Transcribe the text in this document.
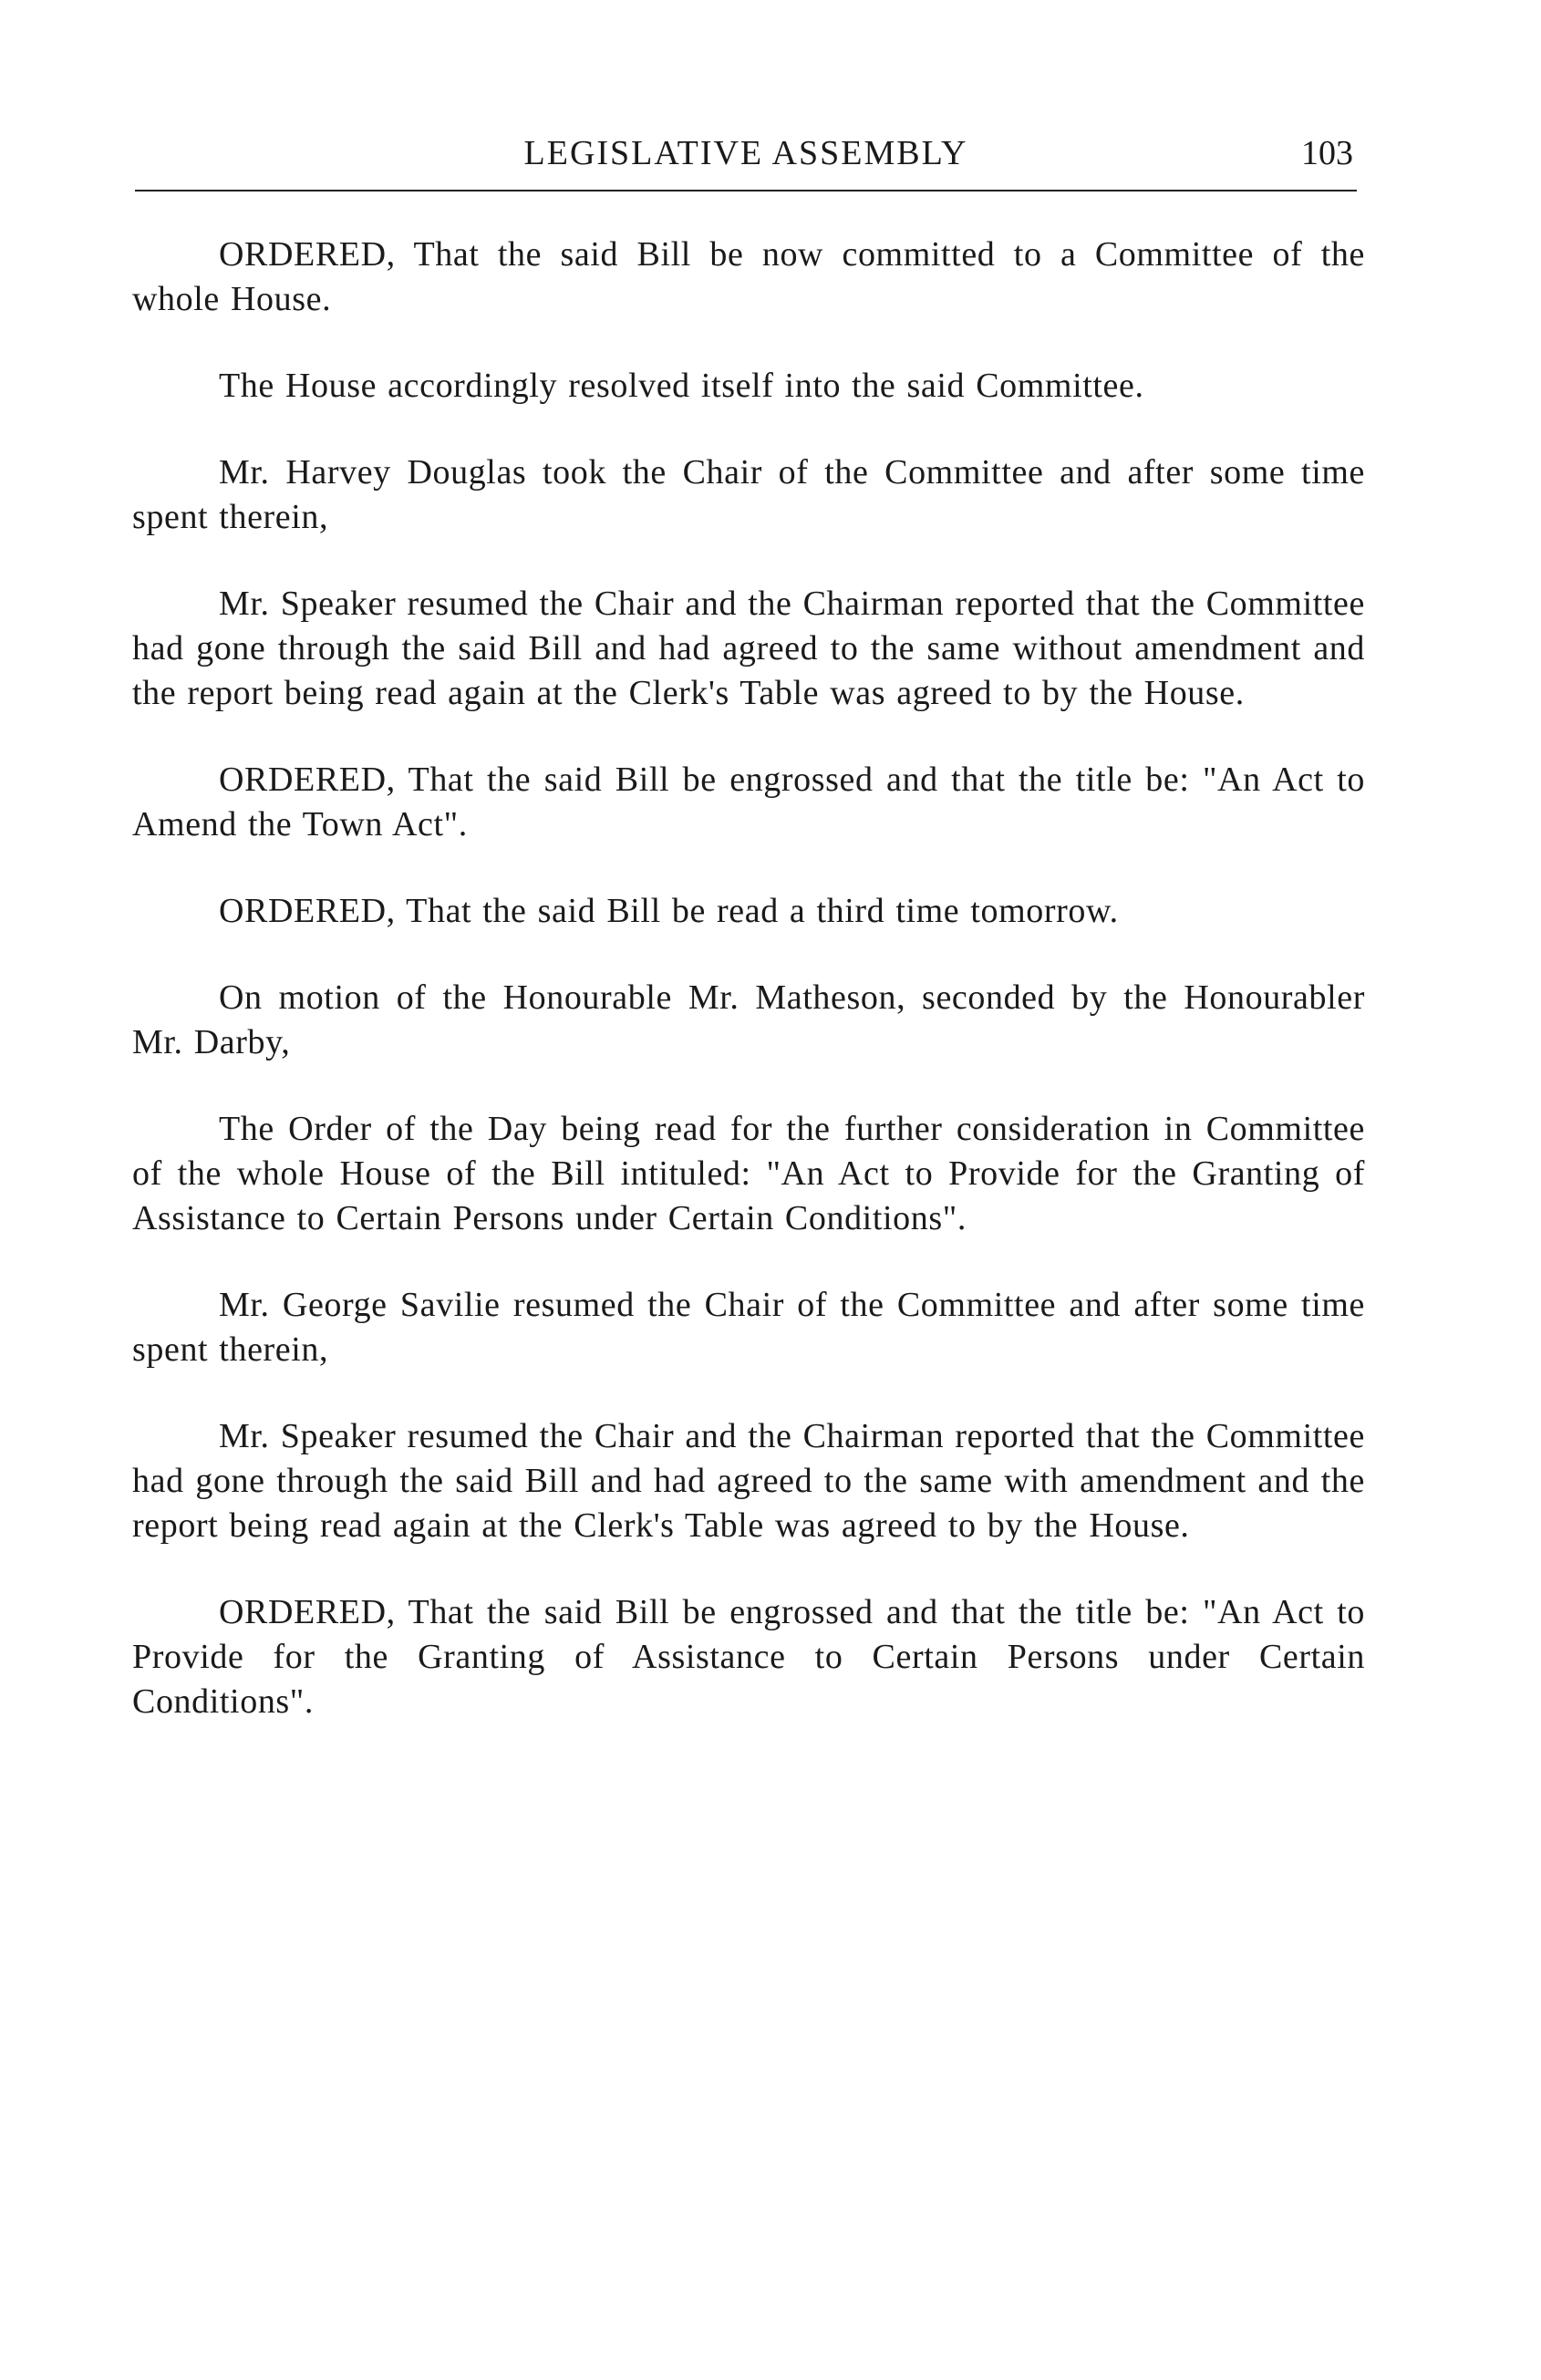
LEGISLATIVE ASSEMBLY	103

ORDERED, That the said Bill be now committed to a Committee of the whole House.

The House accordingly resolved itself into the said Committee.

Mr. Harvey Douglas took the Chair of the Committee and after some time spent therein,

Mr. Speaker resumed the Chair and the Chairman reported that the Committee had gone through the said Bill and had agreed to the same without amendment and the report being read again at the Clerk's Table was agreed to by the House.

ORDERED, That the said Bill be engrossed and that the title be: "An Act to Amend the Town Act".

ORDERED, That the said Bill be read a third time tomorrow.

On motion of the Honourable Mr. Matheson, seconded by the Honourabler Mr. Darby,

The Order of the Day being read for the further consideration in Committee of the whole House of the Bill intituled: "An Act to Provide for the Granting of Assistance to Certain Persons under Certain Conditions".

Mr. George Savilie resumed the Chair of the Committee and after some time spent therein,

Mr. Speaker resumed the Chair and the Chairman reported that the Committee had gone through the said Bill and had agreed to the same with amendment and the report being read again at the Clerk's Table was agreed to by the House.

ORDERED, That the said Bill be engrossed and that the title be: "An Act to Provide for the Granting of Assistance to Certain Persons under Certain Conditions".
